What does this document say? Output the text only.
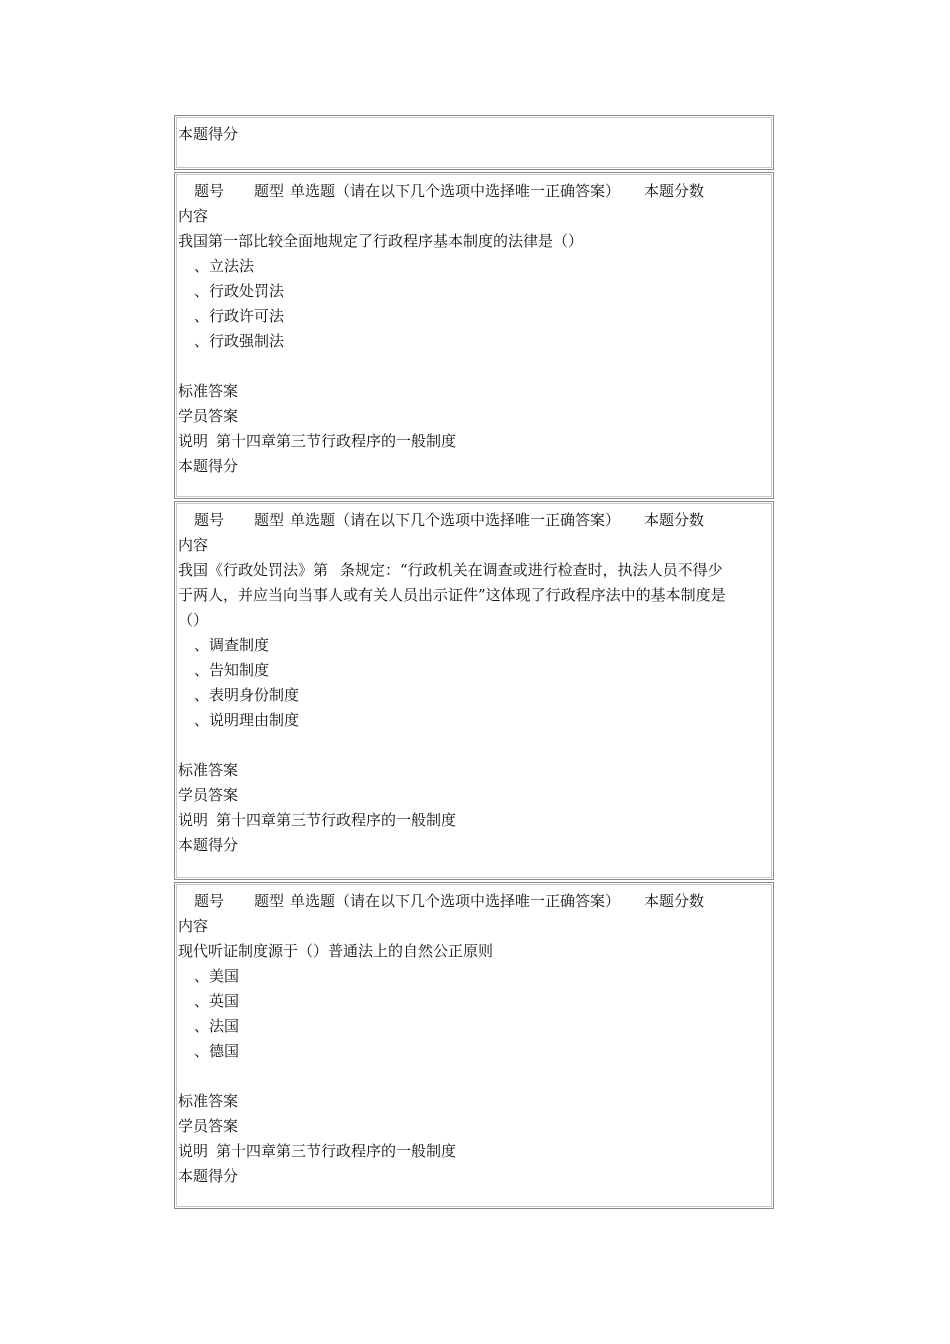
本题得分
题号 题型 单选题（请在以下几个选项中选择唯一正确答案） 本题分数
内容
我国第一部比较全面地规定了行政程序基本制度的法律是（）
、立法法
、行政处罚法
、行政许可法
、行政强制法
标准答案
学员答案
说明 第十四章第三节行政程序的一般制度
本题得分
题号 题型 单选题（请在以下几个选项中选择唯一正确答案） 本题分数
内容
我国《行政处罚法》第 条规定：“行政机关在调查或进行检查时，执法人员不得少
于两人，并应当向当事人或有关人员出示证件”这体现了行政程序法中的基本制度是
（）
、调查制度
、告知制度
、表明身份制度
、说明理由制度
标准答案
学员答案
说明 第十四章第三节行政程序的一般制度
本题得分
题号 题型 单选题（请在以下几个选项中选择唯一正确答案） 本题分数
内容
现代听证制度源于（）普通法上的自然公正原则
、美国
、英国
、法国
、德国
标准答案
学员答案
说明 第十四章第三节行政程序的一般制度
本题得分
